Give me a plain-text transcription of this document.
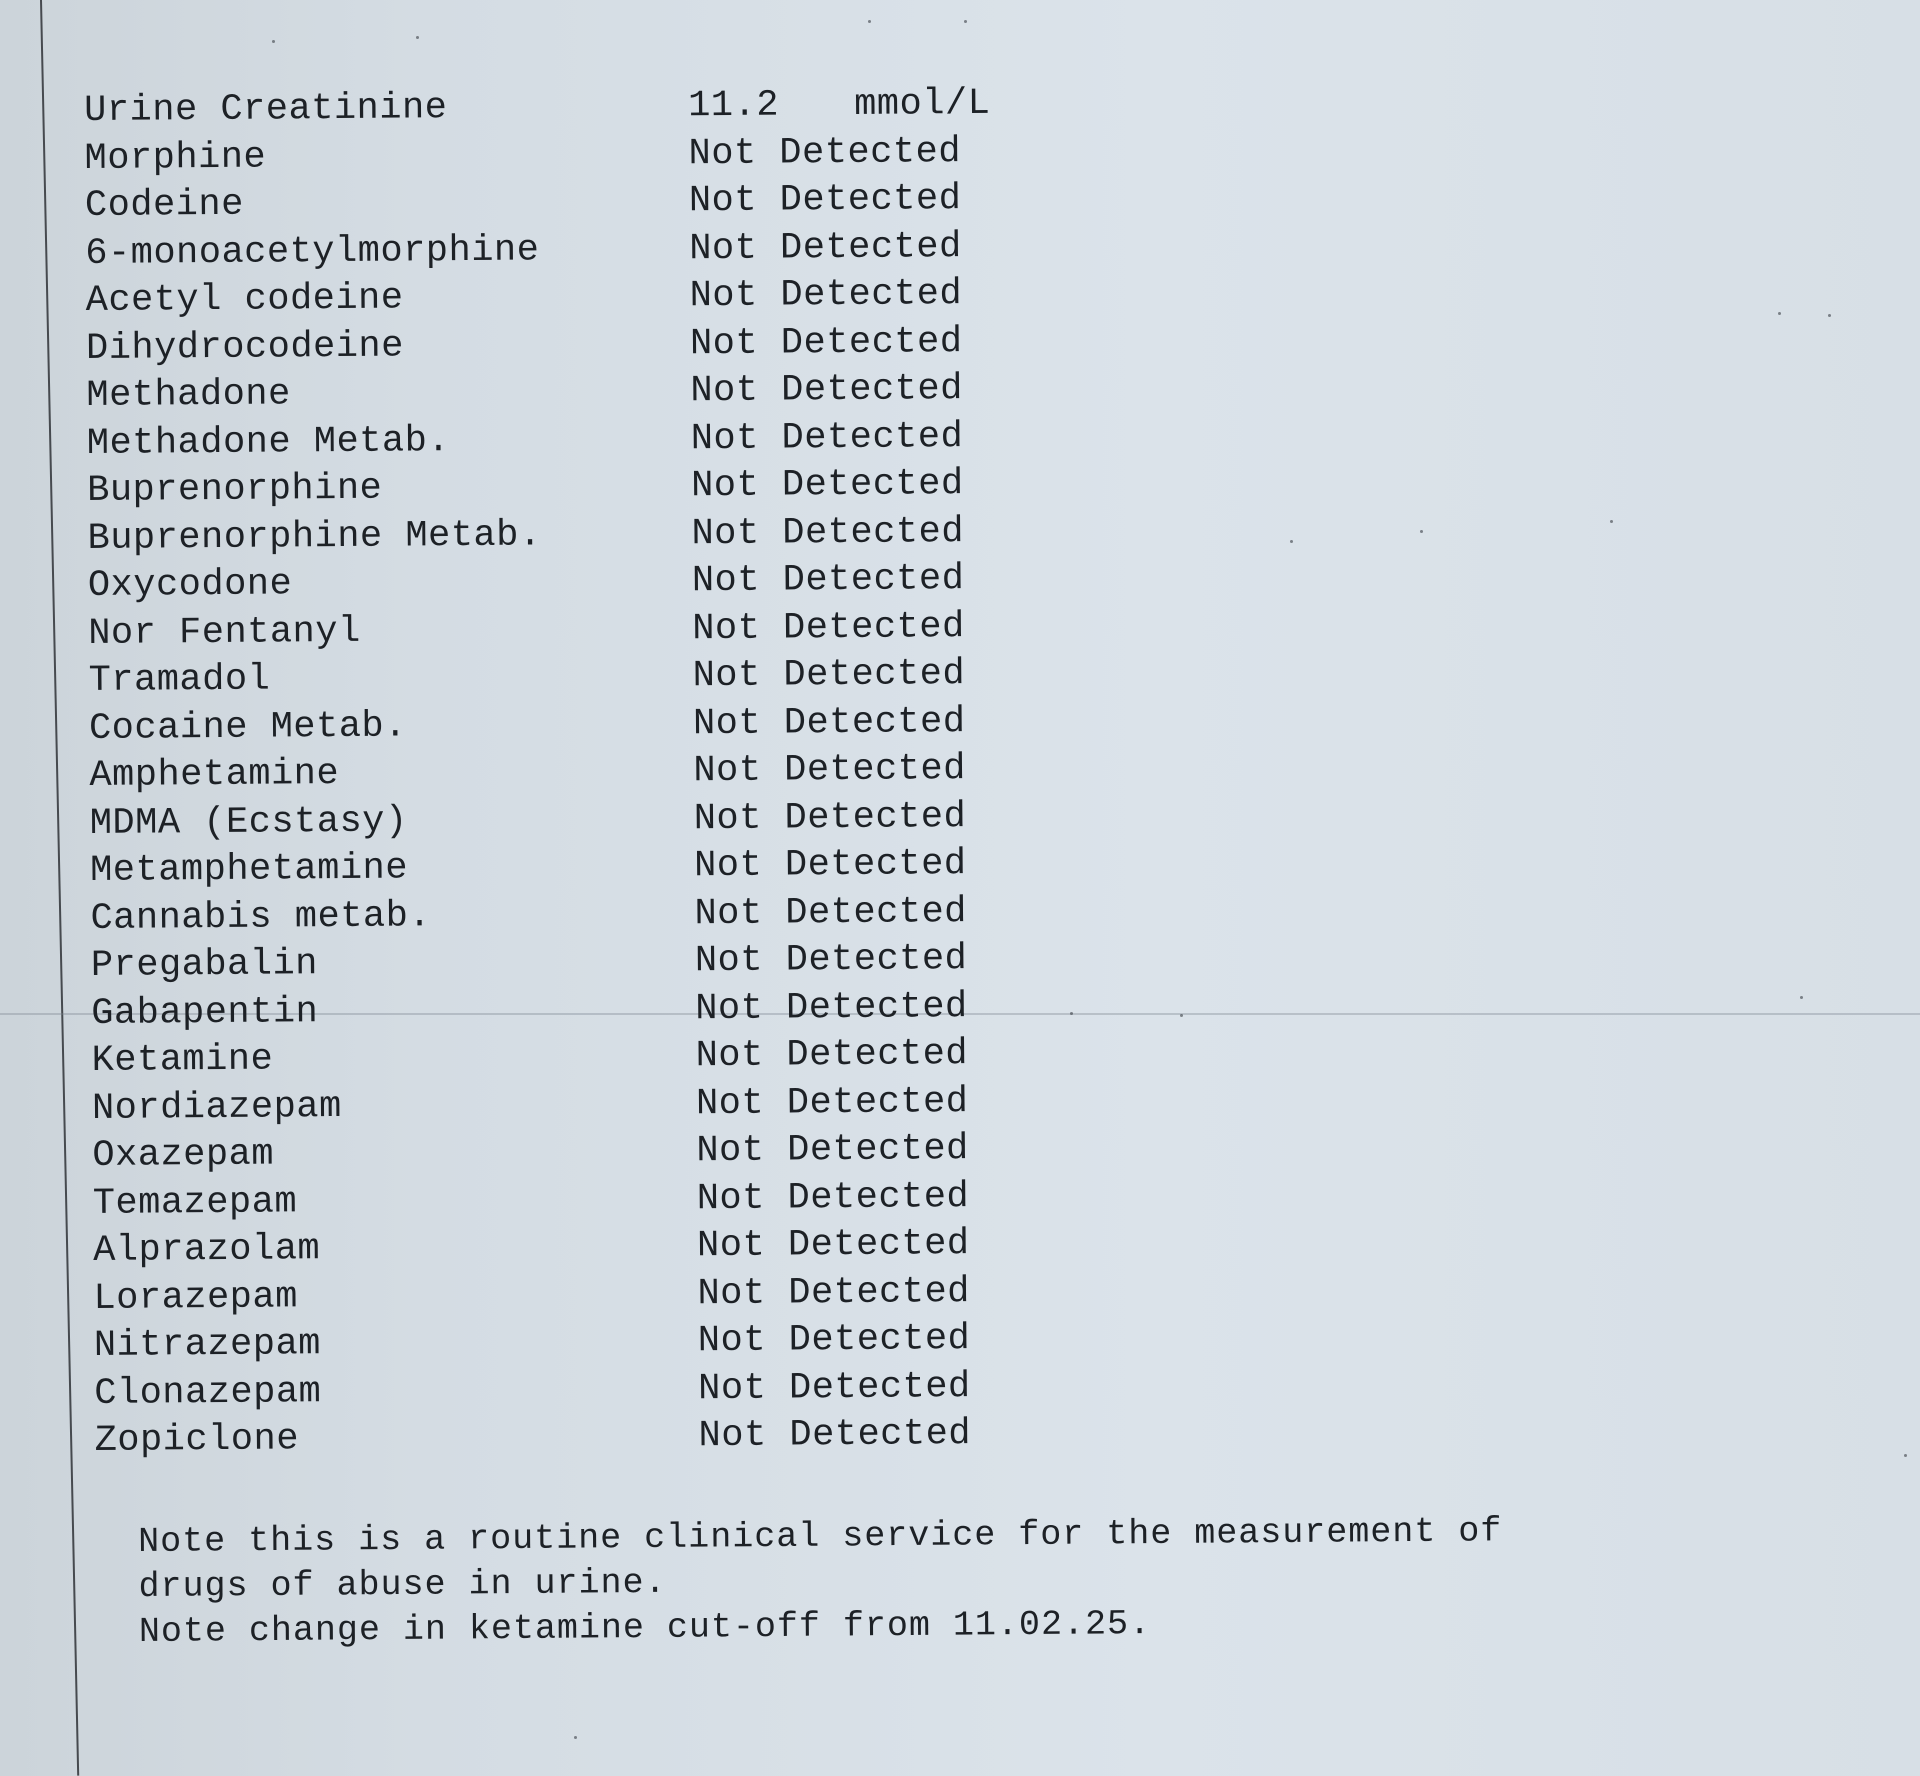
Urine Creatinine	11.2 mmol/L
Morphine	Not Detected
Codeine	Not Detected
6-monoacetylmorphine	Not Detected
Acetyl codeine	Not Detected
Dihydrocodeine	Not Detected
Methadone	Not Detected
Methadone Metab.	Not Detected
Buprenorphine	Not Detected
Buprenorphine Metab.	Not Detected
Oxycodone	Not Detected
Nor Fentanyl	Not Detected
Tramadol	Not Detected
Cocaine Metab.	Not Detected
Amphetamine	Not Detected
MDMA (Ecstasy)	Not Detected
Metamphetamine	Not Detected
Cannabis metab.	Not Detected
Pregabalin	Not Detected
Gabapentin	Not Detected
Ketamine	Not Detected
Nordiazepam	Not Detected
Oxazepam	Not Detected
Temazepam	Not Detected
Alprazolam	Not Detected
Lorazepam	Not Detected
Nitrazepam	Not Detected
Clonazepam	Not Detected
Zopiclone	Not Detected
Note this is a routine clinical service for the measurement of
drugs of abuse in urine.
Note change in ketamine cut-off from 11.02.25.
